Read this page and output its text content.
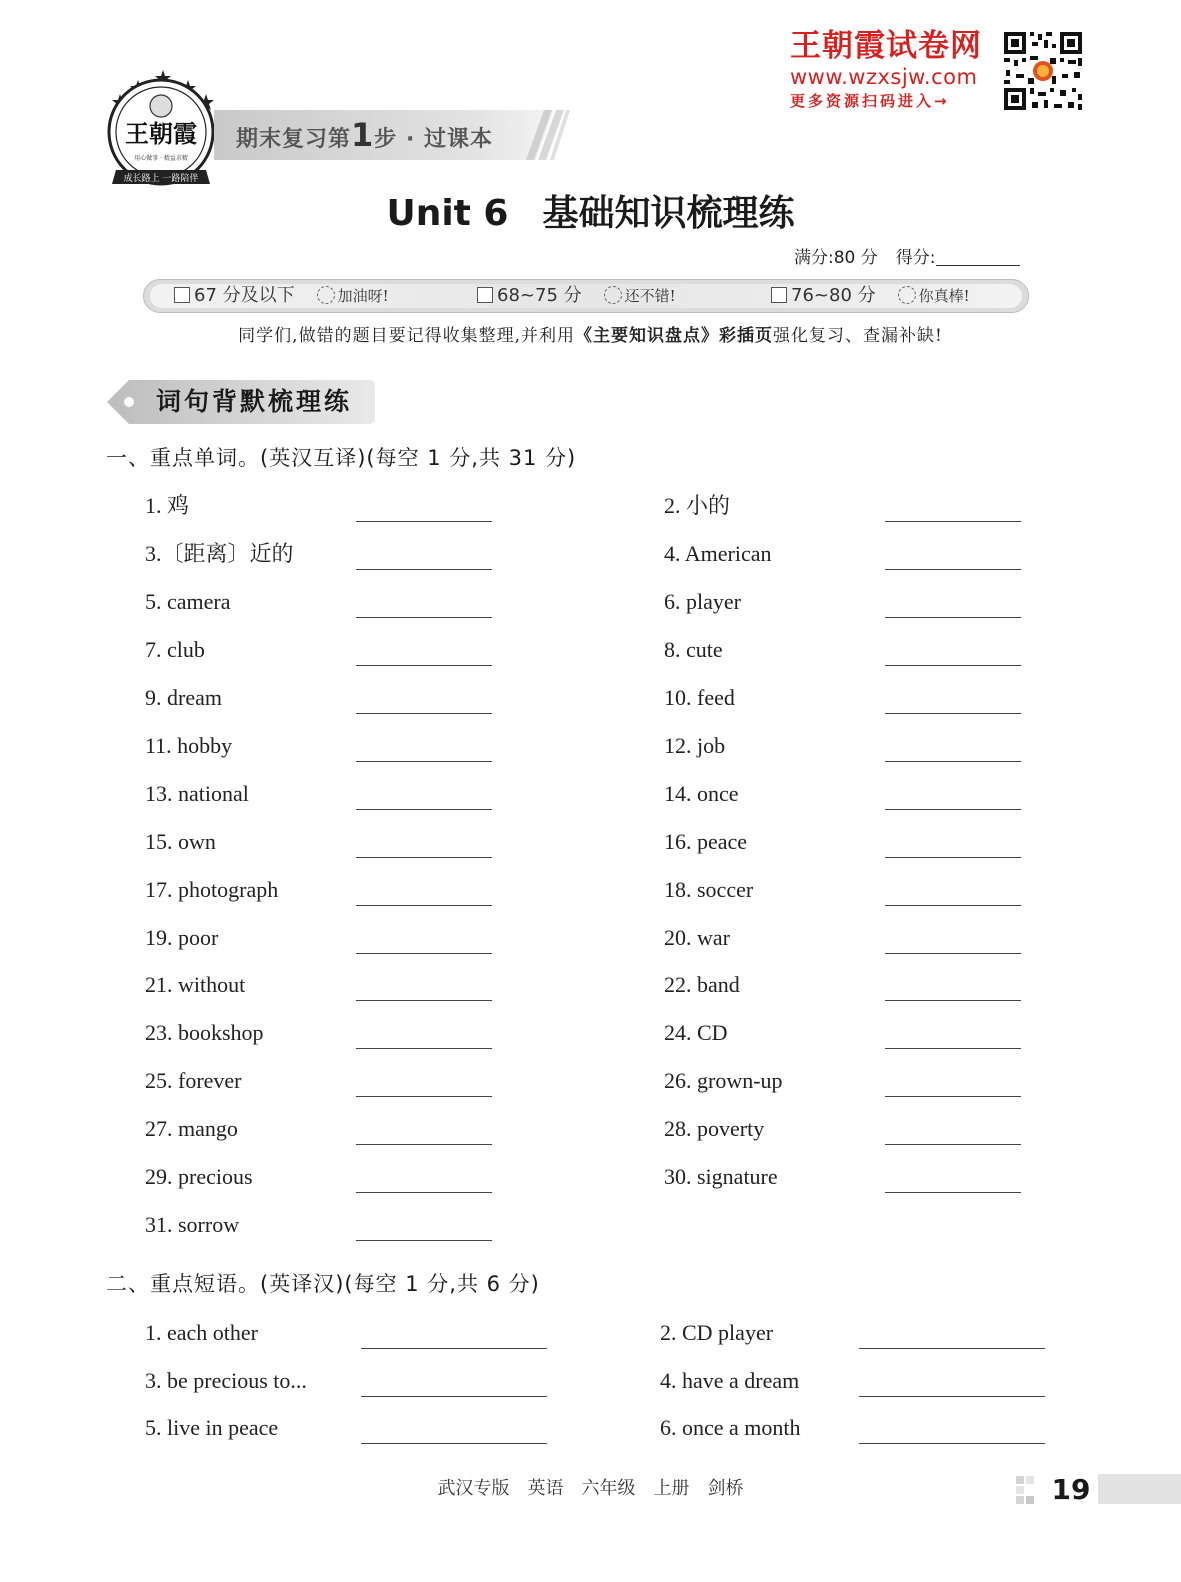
王朝霞试卷网
www.wzxsjw.com
更多资源扫码进入→
王朝霞
用心做事 · 精益求精
成长路上 一路陪伴
期末复习第1步 · 过课本
Unit 6 基础知识梳理练
满分:80 分 得分:
67 分及以下	加油呀!	68~75 分	还不错!	76~80 分	你真棒!
同学们,做错的题目要记得收集整理,并利用《主要知识盘点》彩插页强化复习、查漏补缺!
词句背默梳理练
一、重点单词。(英汉互译)(每空 1 分,共 31 分)
1. 鸡	2. 小的
3.〔距离〕近的	4. American
5. camera	6. player
7. club	8. cute
9. dream	10. feed
11. hobby	12. job
13. national	14. once
15. own	16. peace
17. photograph	18. soccer
19. poor	20. war
21. without	22. band
23. bookshop	24. CD
25. forever	26. grown-up
27. mango	28. poverty
29. precious	30. signature
31. sorrow
二、重点短语。(英译汉)(每空 1 分,共 6 分)
1. each other	2. CD player
3. be precious to...	4. have a dream
5. live in peace	6. once a month
武汉专版 英语 六年级 上册 剑桥	19
